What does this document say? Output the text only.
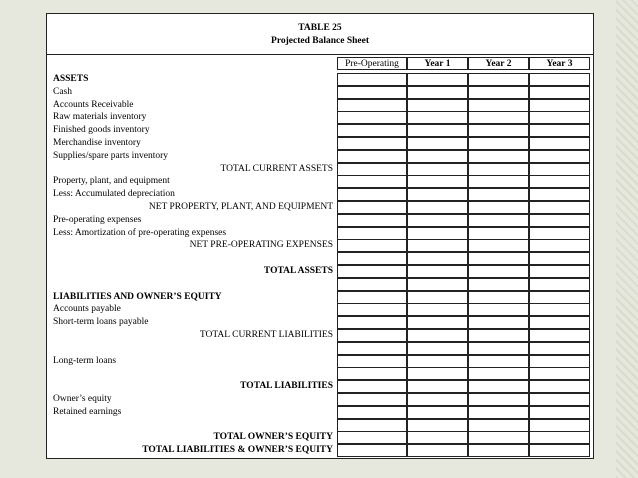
TABLE 25
Projected Balance Sheet
Pre-Operating	Year 1	Year 2	Year 3
ASSETS
Cash
Accounts Receivable
Raw materials inventory
Finished goods inventory
Merchandise inventory
Supplies/spare parts inventory
TOTAL CURRENT ASSETS
Property, plant, and equipment
Less: Accumulated depreciation
NET PROPERTY, PLANT, AND EQUIPMENT
Pre-operating expenses
Less: Amortization of pre-operating expenses
NET PRE-OPERATING EXPENSES
TOTAL ASSETS
LIABILITIES AND OWNER’S EQUITY
Accounts payable
Short-term loans payable
TOTAL CURRENT LIABILITIES
Long-term loans
TOTAL LIABILITIES
Owner’s equity
Retained earnings
TOTAL OWNER’S EQUITY
TOTAL LIABILITIES & OWNER’S EQUITY
